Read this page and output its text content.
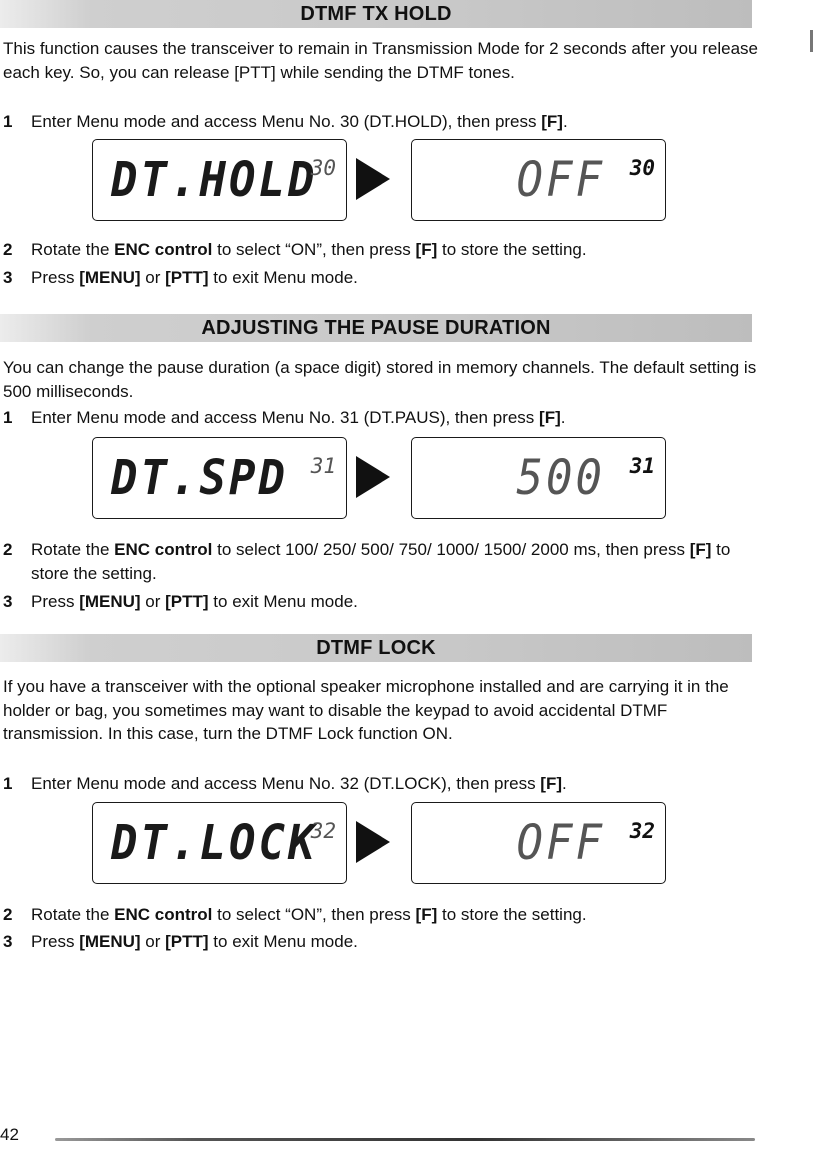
DTMF TX HOLD

This function causes the transceiver to remain in Transmission Mode for 2 seconds after you release each key. So, you can release [PTT] while sending the DTMF tones.

1 Enter Menu mode and access Menu No. 30 (DT.HOLD), then press [F].
DT.HOLD
30	OFF 30
2 Rotate the ENC control to select “ON”, then press [F] to store the setting.
3 Press [MENU] or [PTT] to exit Menu mode.
ADJUSTING THE PAUSE DURATION

You can change the pause duration (a space digit) stored in memory channels. The default setting is 500 milliseconds.

1 Enter Menu mode and access Menu No. 31 (DT.PAUS), then press [F].
DT.SPD 31	500 31
2 Rotate the ENC control to select 100/ 250/ 500/ 750/ 1000/ 1500/ 2000 ms, then press [F] to store the setting.
3 Press [MENU] or [PTT] to exit Menu mode.
DTMF LOCK

If you have a transceiver with the optional speaker microphone installed and are carrying it in the holder or bag, you sometimes may want to disable the keypad to avoid accidental DTMF transmission. In this case, turn the DTMF Lock function ON.

1 Enter Menu mode and access Menu No. 32 (DT.LOCK), then press [F].
DT.LOCK
32	OFF 32
2 Rotate the ENC control to select “ON”, then press [F] to store the setting.
3 Press [MENU] or [PTT] to exit Menu mode.
42
